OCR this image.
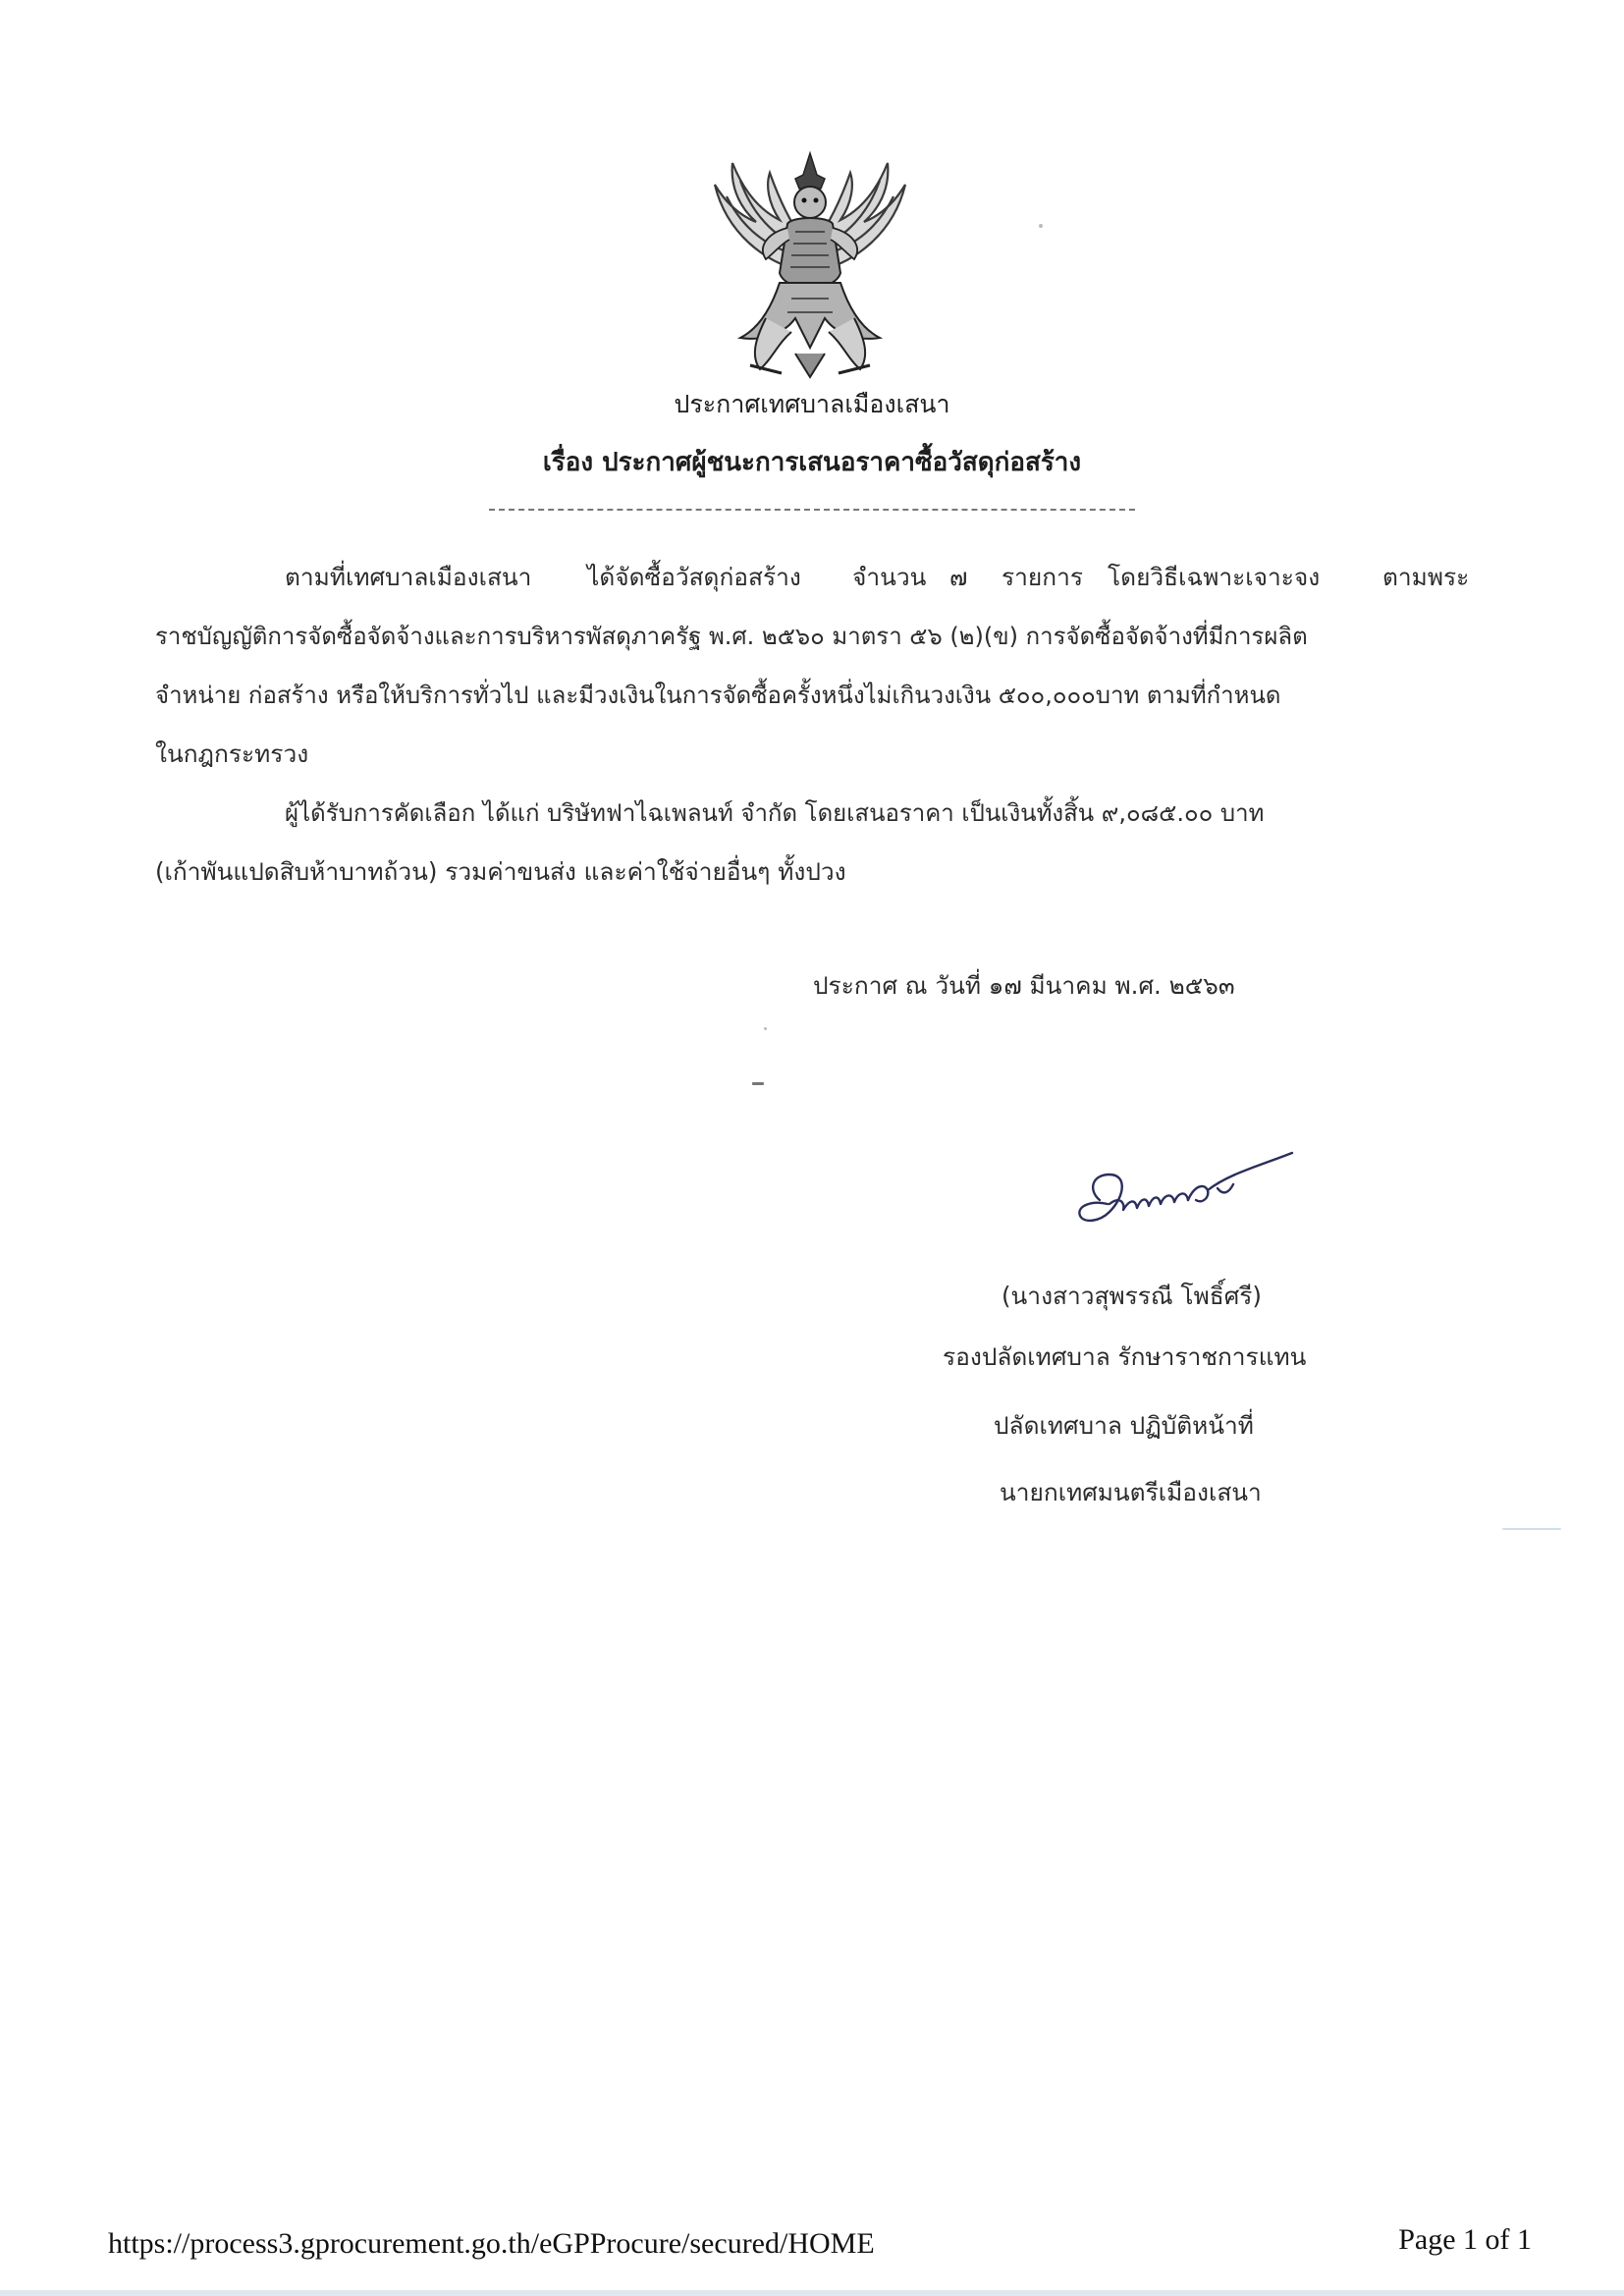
ประกาศเทศบาลเมืองเสนา
เรื่อง ประกาศผู้ชนะการเสนอราคาซื้อวัสดุก่อสร้าง
ตามที่เทศบาลเมืองเสนา ได้จัดซื้อวัสดุก่อสร้าง จำนวน ๗ รายการ โดยวิธีเฉพาะเจาะจง	ตามพระ
ราชบัญญัติการจัดซื้อจัดจ้างและการบริหารพัสดุภาครัฐ พ.ศ. ๒๕๖๐ มาตรา ๕๖ (๒)(ข) การจัดซื้อจัดจ้างที่มีการผลิต
จำหน่าย ก่อสร้าง หรือให้บริการทั่วไป และมีวงเงินในการจัดซื้อครั้งหนึ่งไม่เกินวงเงิน ๕๐๐,๐๐๐บาท ตามที่กำหนด
ในกฎกระทรวง
ผู้ได้รับการคัดเลือก ได้แก่ บริษัทฟาไฉเพลนท์ จำกัด โดยเสนอราคา เป็นเงินทั้งสิ้น ๙,๐๘๕.๐๐ บาท
(เก้าพันแปดสิบห้าบาทถ้วน) รวมค่าขนส่ง และค่าใช้จ่ายอื่นๆ ทั้งปวง
ประกาศ ณ วันที่ ๑๗ มีนาคม พ.ศ. ๒๕๖๓
(นางสาวสุพรรณี โพธิ์ศรี)
รองปลัดเทศบาล รักษาราชการแทน
ปลัดเทศบาล ปฏิบัติหน้าที่
นายกเทศมนตรีเมืองเสนา
https://process3.gprocurement.go.th/eGPProcure/secured/HOME	Page 1 of 1
